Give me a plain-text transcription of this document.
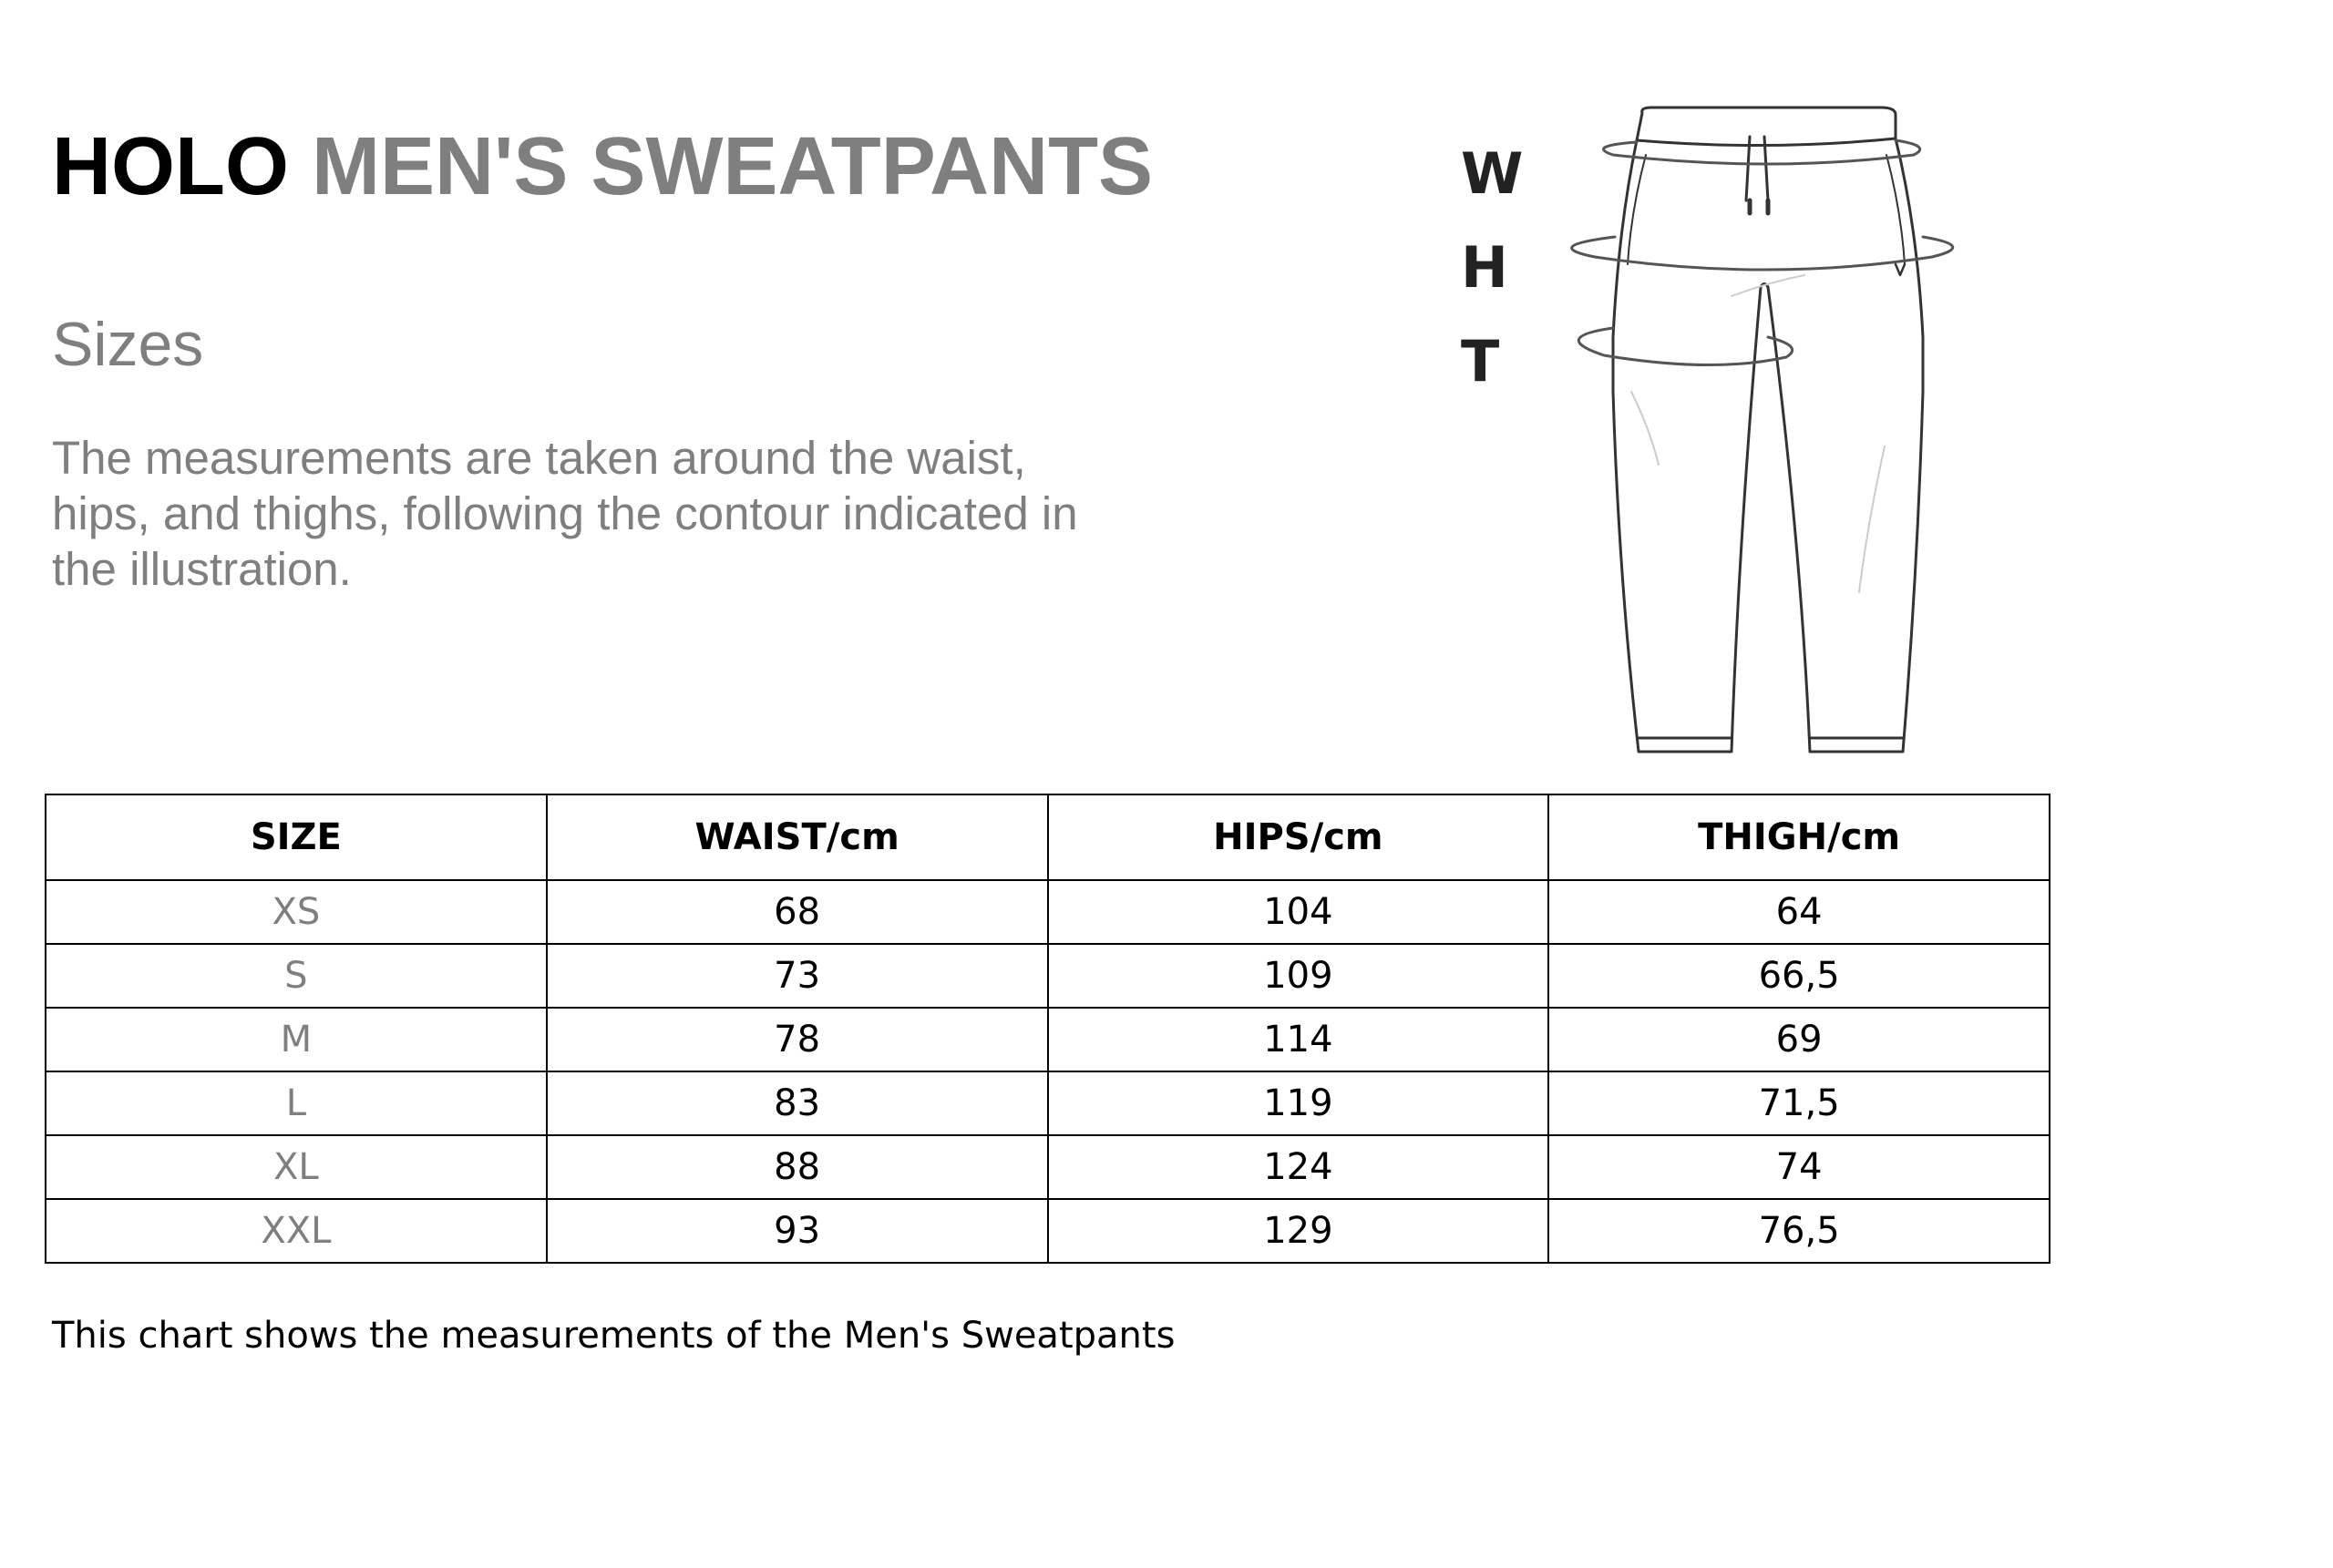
HOLO MEN'S SWEATPANTS
Sizes

The measurements are taken around the waist, hips, and thighs, following the contour indicated in the illustration.

W
H
T
SIZE	WAIST/cm	HIPS/cm	THIGH/cm
XS	68	104	64
S	73	109	66,5
M	78	114	69
L	83	119	71,5
XL	88	124	74
XXL	93	129	76,5

This chart shows the measurements of the Men's Sweatpants
